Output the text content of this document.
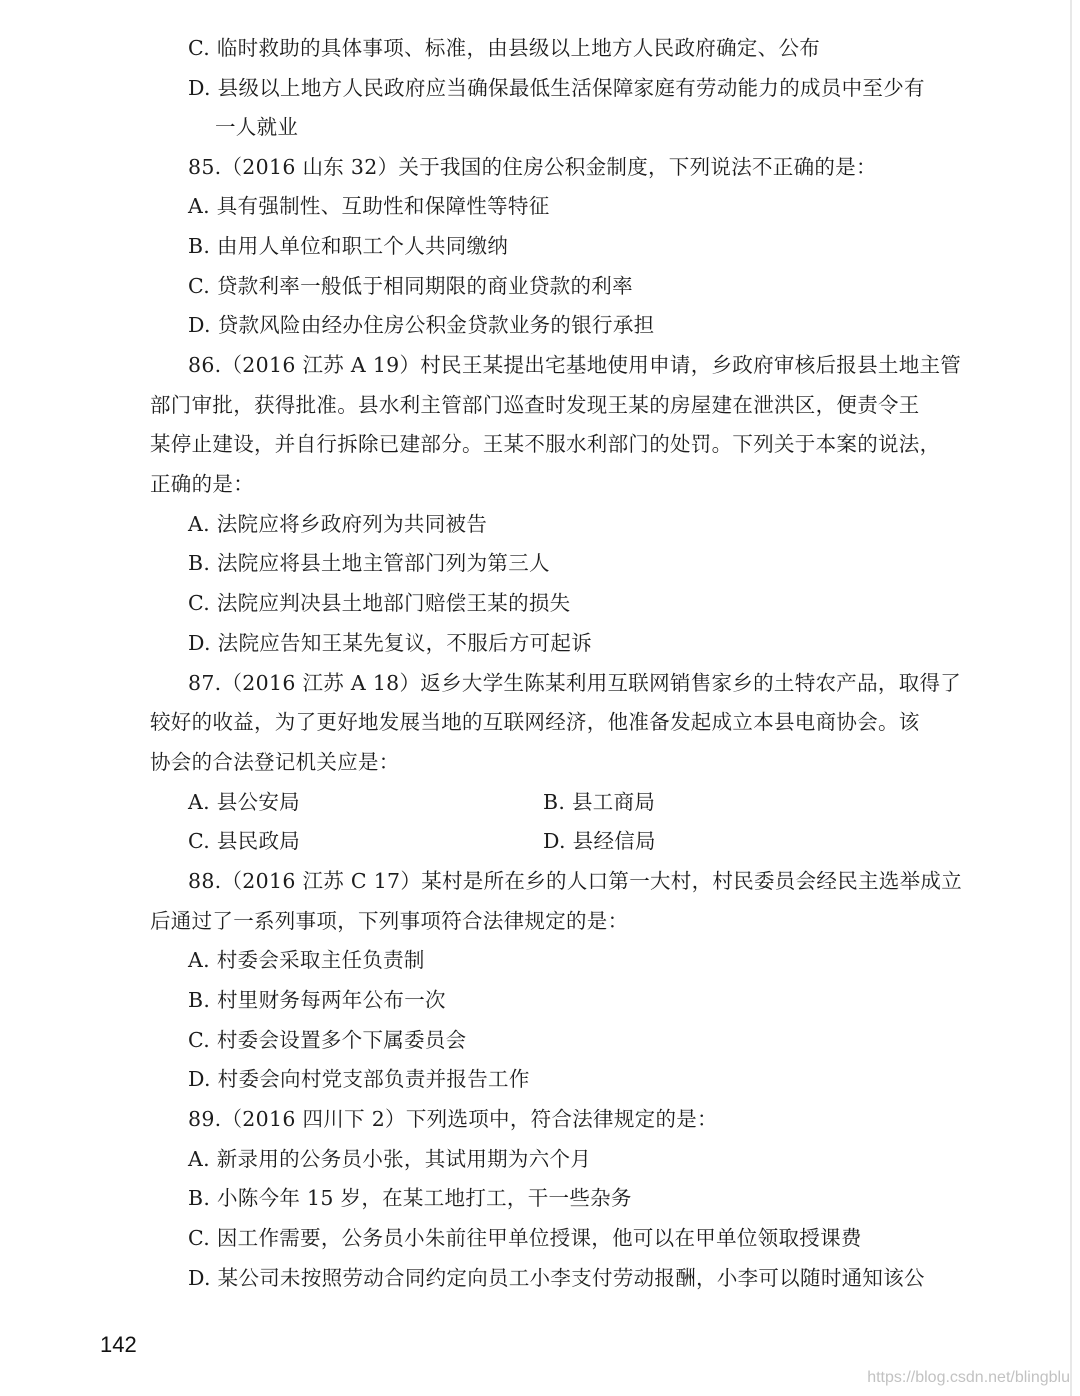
C. 临时救助的具体事项、标准，由县级以上地方人民政府确定、公布
D. 县级以上地方人民政府应当确保最低生活保障家庭有劳动能力的成员中至少有
一人就业
85.（2016 山东 32）关于我国的住房公积金制度，下列说法不正确的是：
A. 具有强制性、互助性和保障性等特征
B. 由用人单位和职工个人共同缴纳
C. 贷款利率一般低于相同期限的商业贷款的利率
D. 贷款风险由经办住房公积金贷款业务的银行承担
86.（2016 江苏 A 19）村民王某提出宅基地使用申请，乡政府审核后报县土地主管
部门审批，获得批准。县水利主管部门巡查时发现王某的房屋建在泄洪区，便责令王
某停止建设，并自行拆除已建部分。王某不服水利部门的处罚。下列关于本案的说法，
正确的是：
A. 法院应将乡政府列为共同被告
B. 法院应将县土地主管部门列为第三人
C. 法院应判决县土地部门赔偿王某的损失
D. 法院应告知王某先复议，不服后方可起诉
87.（2016 江苏 A 18）返乡大学生陈某利用互联网销售家乡的土特农产品，取得了
较好的收益，为了更好地发展当地的互联网经济，他准备发起成立本县电商协会。该
协会的合法登记机关应是：
A. 县公安局	B. 县工商局
C. 县民政局	D. 县经信局
88.（2016 江苏 C 17）某村是所在乡的人口第一大村，村民委员会经民主选举成立
后通过了一系列事项，下列事项符合法律规定的是：
A. 村委会采取主任负责制
B. 村里财务每两年公布一次
C. 村委会设置多个下属委员会
D. 村委会向村党支部负责并报告工作
89.（2016 四川下 2）下列选项中，符合法律规定的是：
A. 新录用的公务员小张，其试用期为六个月
B. 小陈今年 15 岁，在某工地打工，干一些杂务
C. 因工作需要，公务员小朱前往甲单位授课，他可以在甲单位领取授课费
D. 某公司未按照劳动合同约定向员工小李支付劳动报酬，小李可以随时通知该公
142
https://blog.csdn.net/blingblu
